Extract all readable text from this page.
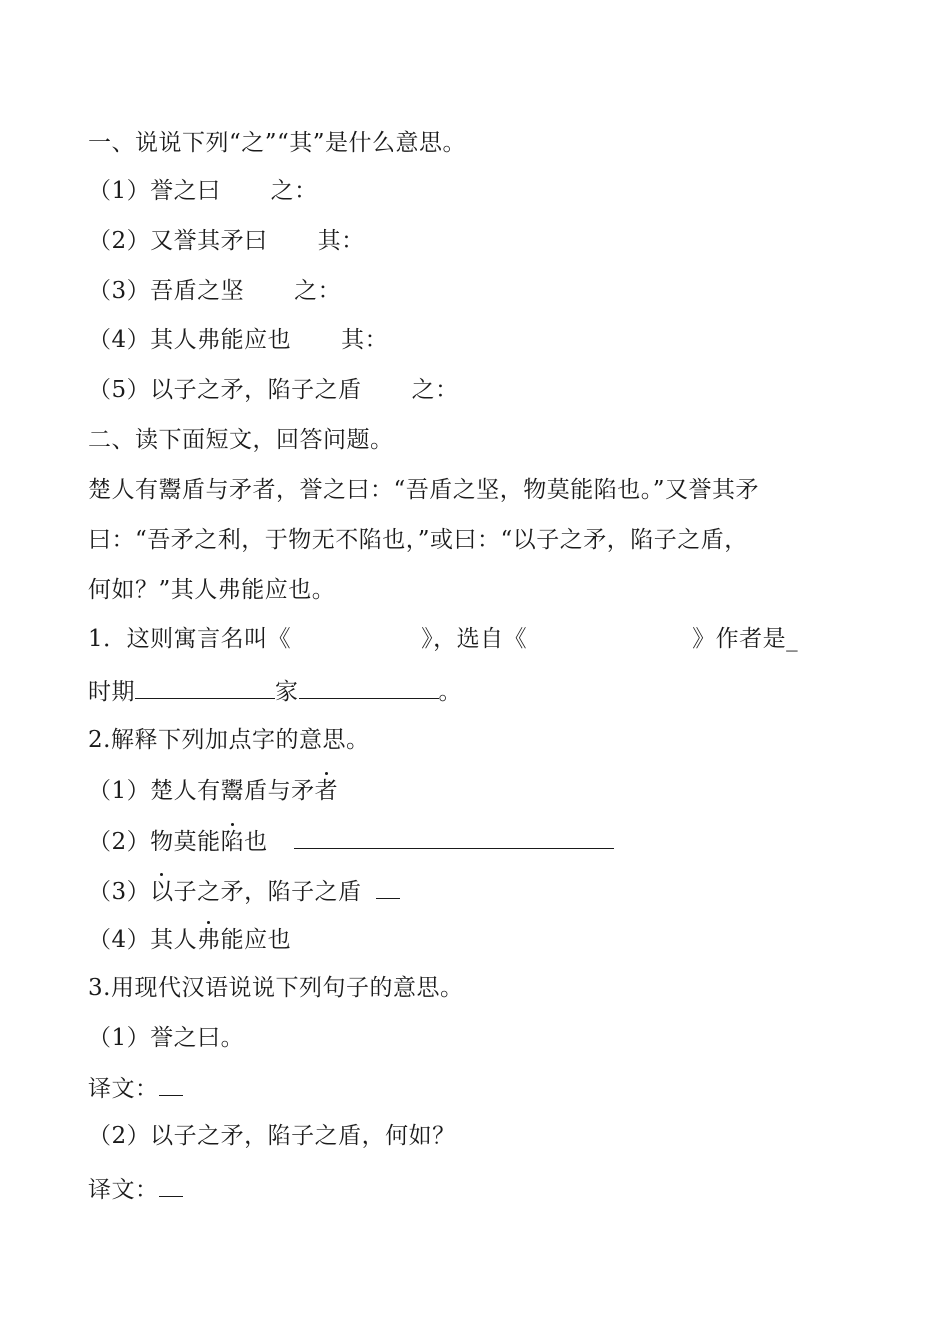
一、说说下列“之”“其”是什么意思。
（1）誉之曰 之：
（2）又誉其矛曰 其：
（3）吾盾之坚 之：
（4）其人弗能应也 其：
（5）以子之矛，陷子之盾 之：
二、读下面短文，回答问题。
楚人有鬻盾与矛者，誉之曰：“吾盾之坚，物莫能陷也。”又誉其矛
曰：“吾矛之利，于物无不陷也，”或曰：“以子之矛，陷子之盾，
何如？”其人弗能应也。
1．这则寓言名叫《	》，选自《	》作者是_
时期	家	。
2.解释下列加点字的意思。
（1）楚人有鬻盾与矛者
（2）物莫能陷也
（3）以子之矛，陷子之盾
（4）其人弗能应也
3.用现代汉语说说下列句子的意思。
（1）誉之曰。
译文：
（2）以子之矛，陷子之盾，何如？
译文：
